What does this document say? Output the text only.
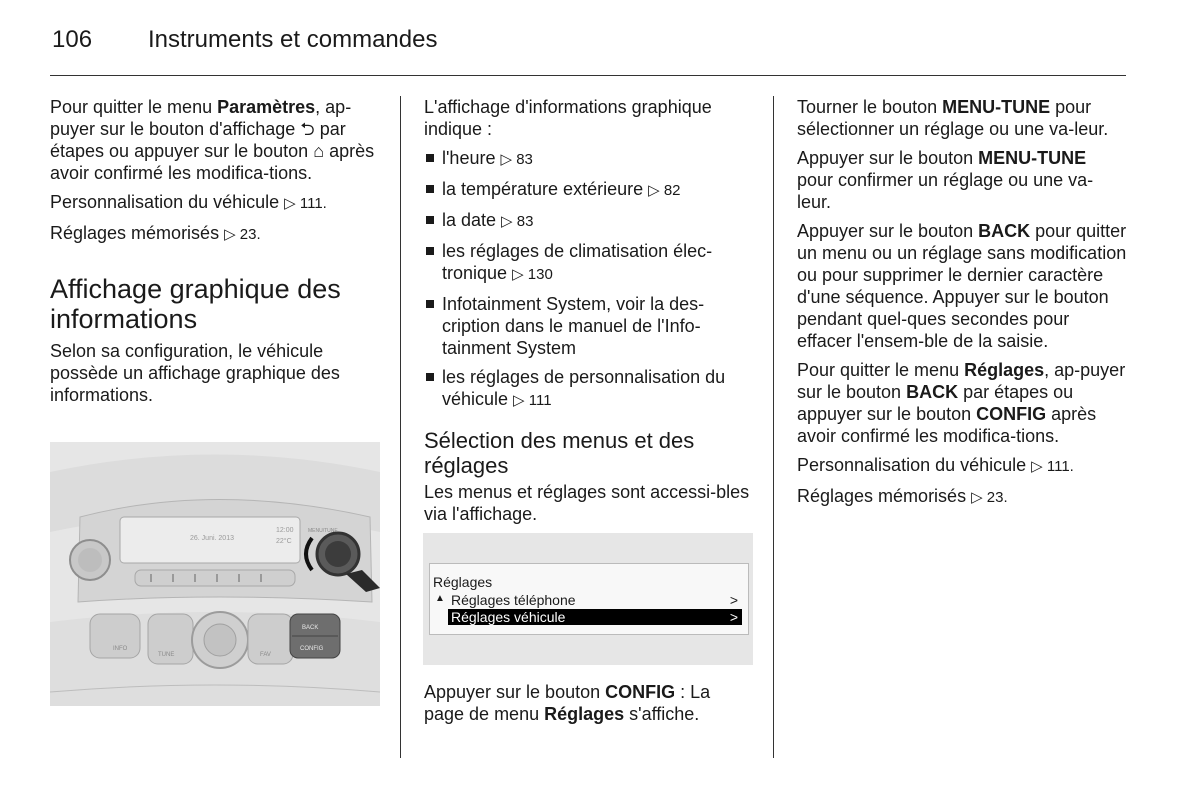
106 Instruments et commandes

Pour quitter le menu Paramètres, ap-puyer sur le bouton d'affichage ⮌ par étapes ou appuyer sur le bouton ⌂ après avoir confirmé les modifica-tions.

Personnalisation du véhicule ▷ 111.

Réglages mémorisés ▷ 23.

Affichage graphique des informations

Selon sa configuration, le véhicule possède un affichage graphique des informations.

26. Juni. 2013
12:00
22°C
MENU/TUNE
INFO
TUNE	FAV
BACK
CONFIG

L'affichage d'informations graphique indique :

l'heure ▷ 83
la température extérieure ▷ 82
la date ▷ 83
les réglages de climatisation élec-tronique ▷ 130
Infotainment System, voir la des-cription dans le manuel de l'Info-tainment System
les réglages de personnalisation du véhicule ▷ 111
Sélection des menus et des réglages

Les menus et réglages sont accessi-bles via l'affichage.

Réglages
▲ Réglages téléphone	>
Réglages véhicule	>

Appuyer sur le bouton CONFIG : La page de menu Réglages s'affiche.

Tourner le bouton MENU-TUNE pour sélectionner un réglage ou une va-leur.

Appuyer sur le bouton MENU-TUNE pour confirmer un réglage ou une va-leur.

Appuyer sur le bouton BACK pour quitter un menu ou un réglage sans modification ou pour supprimer le dernier caractère d'une séquence. Appuyer sur le bouton pendant quel-ques secondes pour effacer l'ensem-ble de la saisie.

Pour quitter le menu Réglages, ap-puyer sur le bouton BACK par étapes ou appuyer sur le bouton CONFIG après avoir confirmé les modifica-tions.

Personnalisation du véhicule ▷ 111.

Réglages mémorisés ▷ 23.
